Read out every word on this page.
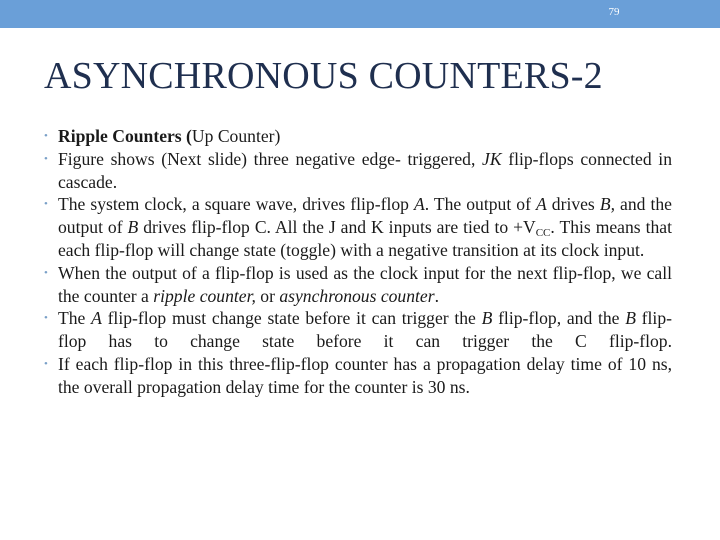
79
ASYNCHRONOUS COUNTERS-2
• Ripple Counters (Up Counter)
• Figure shows (Next slide) three negative edge- triggered, JK flip-flops connected in cascade.
• The system clock, a square wave, drives flip-flop A. The output of A drives B, and the output of B drives flip-flop C. All the J and K inputs are tied to $+V_{CC}$. This means that each flip-flop will change state (toggle) with a negative transition at its clock input.
• When the output of a flip-flop is used as the clock input for the next flip-flop, we call the counter a ripple counter, or asynchronous counter.
• The A flip-flop must change state before it can trigger the B flip-flop, and the B flip-flop has to change state before it can trigger the C flip-flop.
• If each flip-flop in this three-flip-flop counter has a propagation delay time of 10 ns, the overall propagation delay time for the counter is 30 ns.
